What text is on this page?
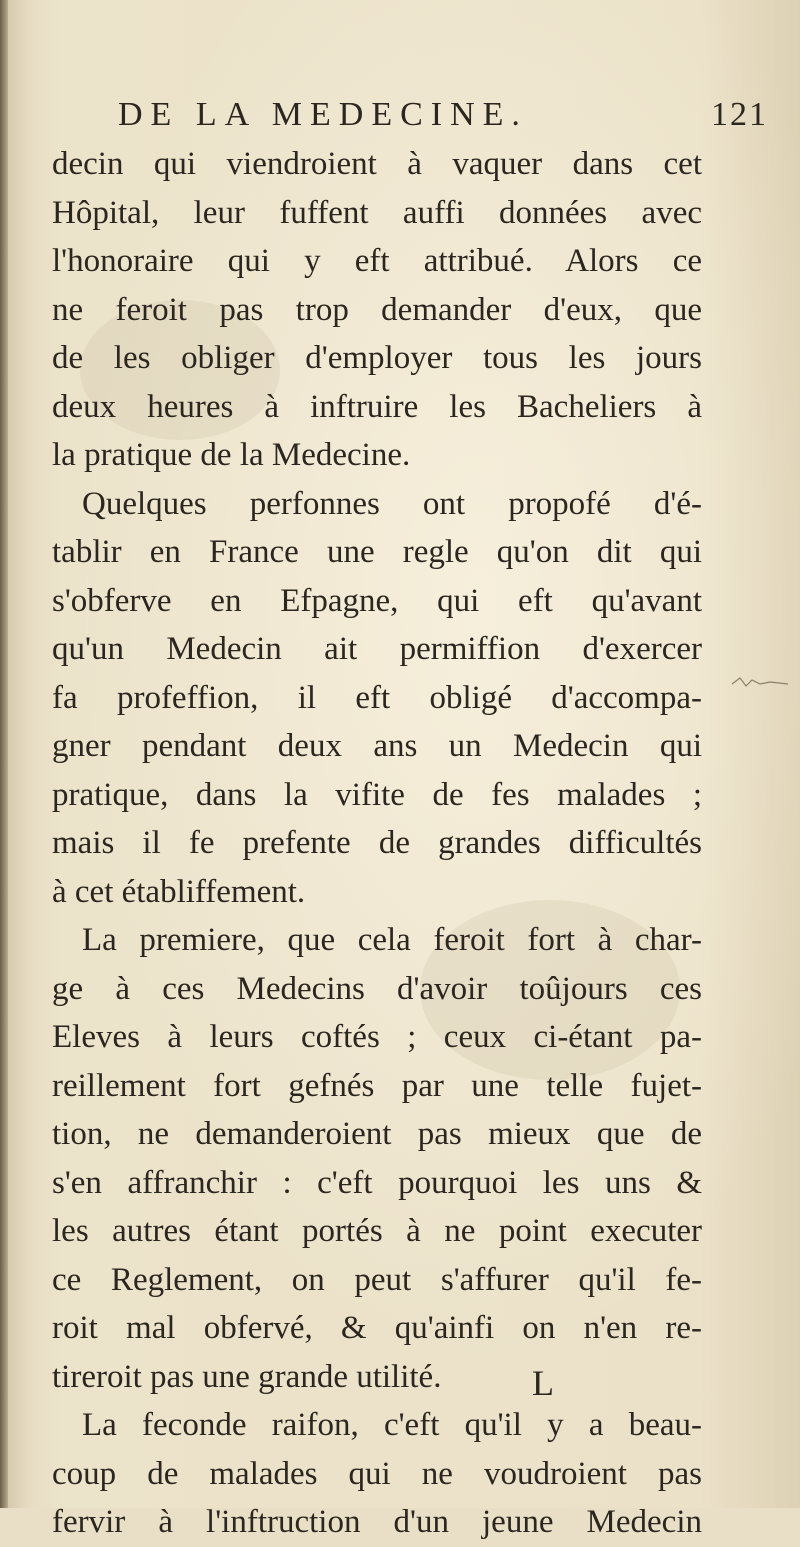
DE LA MEDECINE.	121
decin qui viendroient à vaquer dans cet
Hôpital, leur fuffent auffi données avec
l'honoraire qui y eft attribué. Alors ce
ne feroit pas trop demander d'eux, que
de les obliger d'employer tous les jours
deux heures à inftruire les Bacheliers à
la pratique de la Medecine.
Quelques perfonnes ont propofé d'é-
tablir en France une regle qu'on dit qui
s'obferve en Efpagne, qui eft qu'avant
qu'un Medecin ait permiffion d'exercer
fa profeffion, il eft obligé d'accompa-
gner pendant deux ans un Medecin qui
pratique, dans la vifite de fes malades ;
mais il fe prefente de grandes difficultés
à cet établiffement.
La premiere, que cela feroit fort à char-
ge à ces Medecins d'avoir toûjours ces
Eleves à leurs coftés ; ceux ci-étant pa-
reillement fort gefnés par une telle fujet-
tion, ne demanderoient pas mieux que de
s'en affranchir : c'eft pourquoi les uns &
les autres étant portés à ne point executer
ce Reglement, on peut s'affurer qu'il fe-
roit mal obfervé, & qu'ainfi on n'en re-
tireroit pas une grande utilité.
La feconde raifon, c'eft qu'il y a beau-
coup de malades qui ne voudroient pas
fervir à l'inftruction d'un jeune Medecin
L
